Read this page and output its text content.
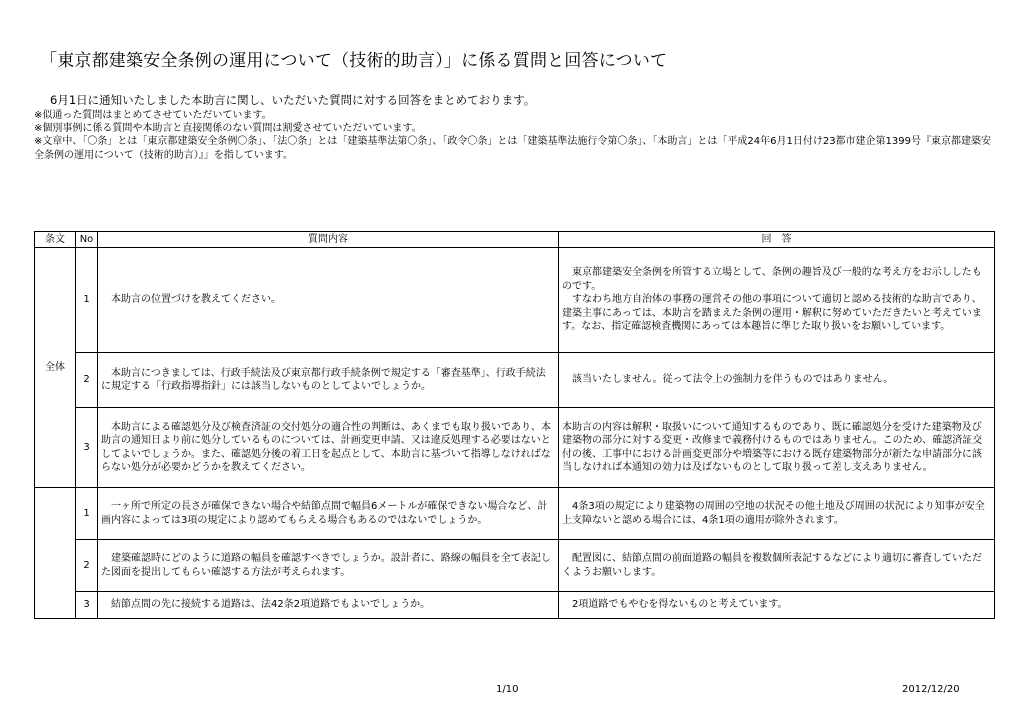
「東京都建築安全条例の運用について（技術的助言）」に係る質問と回答について
6月1日に通知いたしました本助言に関し、いただいた質問に対する回答をまとめております。
※似通った質問はまとめてさせていただいています。
※個別事例に係る質問や本助言と直接関係のない質問は割愛させていただいています。
※文章中、「〇条」とは「東京都建築安全条例〇条」、「法〇条」とは「建築基準法第〇条」、「政令〇条」とは「建築基準法施行令第〇条」、「本助言」とは「平成24年6月1日付け23都市建企第1399号『東京都建築安全条例の運用について（技術的助言）』」を指しています。
条文	No	質問内容	回　答
全体	1	　本助言の位置づけを教えてください。	　東京都建築安全条例を所管する立場として、条例の趣旨及び一般的な考え方をお示ししたものです。
　すなわち地方自治体の事務の運営その他の事項について適切と認める技術的な助言であり、建築主事にあっては、本助言を踏まえた条例の運用・解釈に努めていただきたいと考えています。なお、指定確認検査機関にあっては本趣旨に準じた取り扱いをお願いしています。
	2	　本助言につきましては、行政手続法及び東京都行政手続条例で規定する「審査基準」、行政手続法に規定する「行政指導指針」には該当しないものとしてよいでしょうか。	　該当いたしません。従って法令上の強制力を伴うものではありません。
	3	　本助言による確認処分及び検査済証の交付処分の適合性の判断は、あくまでも取り扱いであり、本助言の通知日より前に処分しているものについては、計画変更申請、又は違反処理する必要はないとしてよいでしょうか。また、確認処分後の着工日を起点として、本助言に基づいて指導しなければならない処分が必要かどうかを教えてください。	本助言の内容は解釈・取扱いについて通知するものであり、既に確認処分を受けた建築物及び建築物の部分に対する変更・改修まで義務付けるものではありません。このため、確認済証交付の後、工事中における計画変更部分や増築等における既存建築物部分が新たな申請部分に該当しなければ本通知の効力は及ばないものとして取り扱って差し支えありません。
	1	　一ヶ所で所定の長さが確保できない場合や結節点間で幅員6メートルが確保できない場合など、計画内容によっては3項の規定により認めてもらえる場合もあるのではないでしょうか。	　4条3項の規定により建築物の周囲の空地の状況その他土地及び周囲の状況により知事が安全上支障ないと認める場合には、4条1項の適用が除外されます。
	2	　建築確認時にどのように道路の幅員を確認すべきでしょうか。設計者に、路線の幅員を全て表記した図面を提出してもらい確認する方法が考えられます。	　配置図に、結節点間の前面道路の幅員を複数個所表記するなどにより適切に審査していただくようお願いします。
	3	　結節点間の先に接続する道路は、法42条2項道路でもよいでしょうか。	　2項道路でもやむを得ないものと考えています。
1/10	2012/12/20
